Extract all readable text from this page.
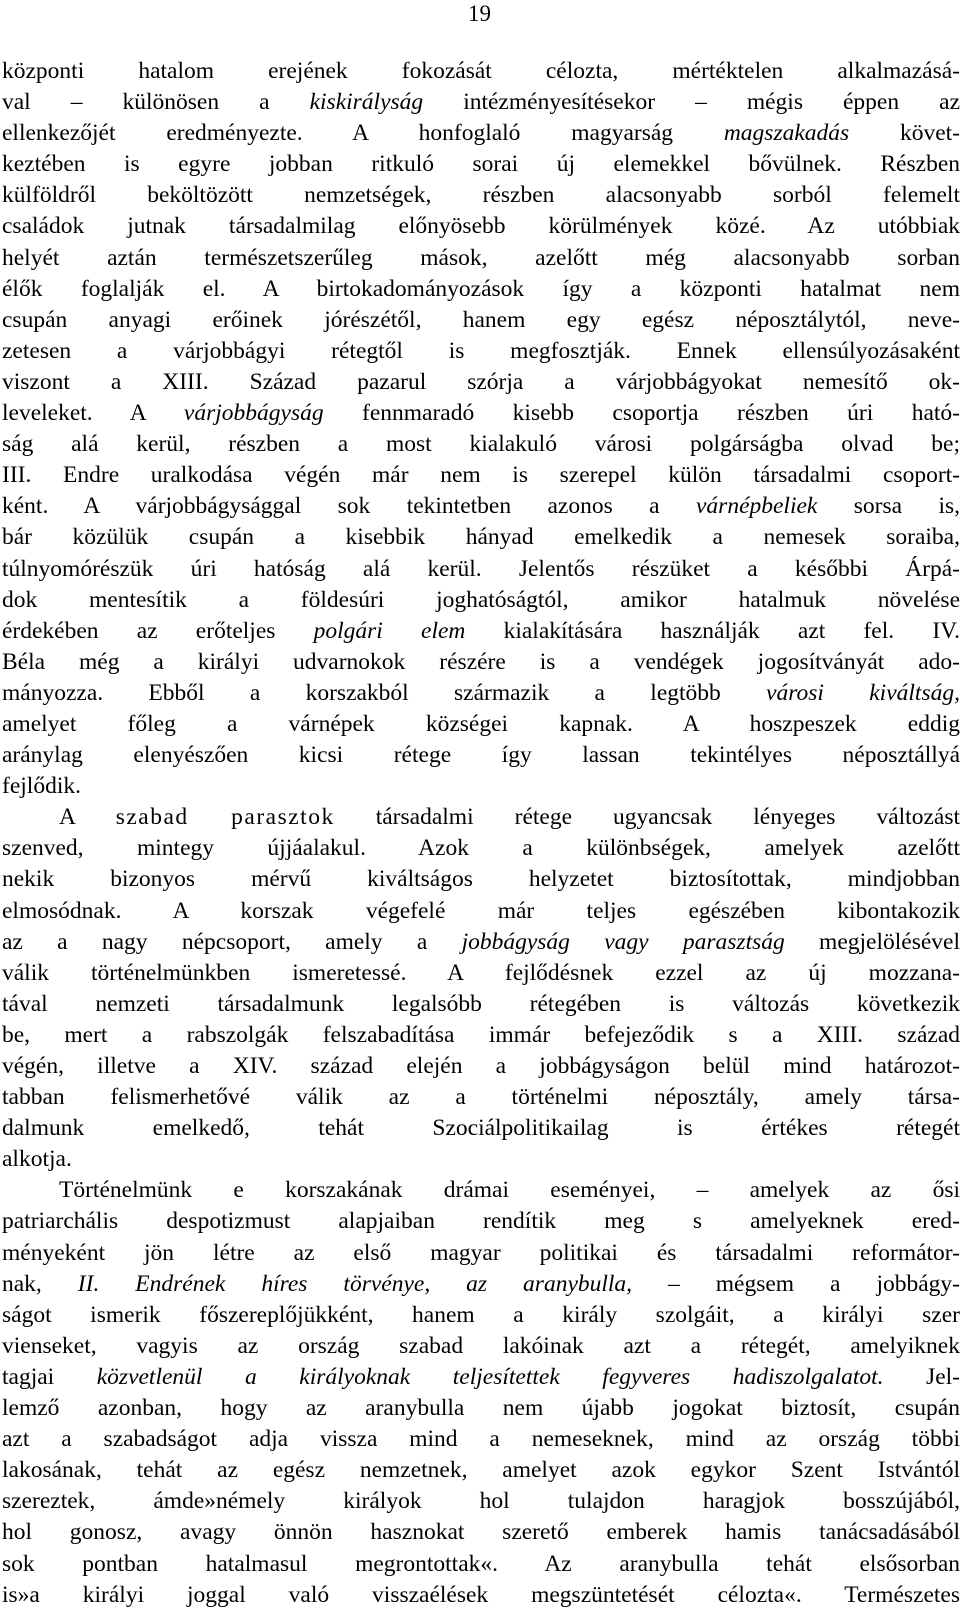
19
központi hatalom erejének fokozását célozta, mértéktelen alkalmazásá-
val – különösen a kiskirályság intézményesítésekor – mégis éppen az
ellenkezőjét eredményezte. A honfoglaló magyarság magszakadás követ-
keztében is egyre jobban ritkuló sorai új elemekkel bővülnek. Részben
külföldről beköltözött nemzetségek, részben alacsonyabb sorból felemelt
családok jutnak társadalmilag előnyösebb körülmények közé. Az utóbbiak
helyét aztán természetszerűleg mások, azelőtt még alacsonyabb sorban
élők foglalják el. A birtokadományozások így a központi hatalmat nem
csupán anyagi erőinek jórészétől, hanem egy egész néposztálytól, neve-
zetesen a várjobbágyi rétegtől is megfosztják. Ennek ellensúlyozásaként
viszont a XIII. Század pazarul szórja a várjobbágyokat nemesítő ok-
leveleket. A várjobbágyság fennmaradó kisebb csoportja részben úri ható-
ság alá kerül, részben a most kialakuló városi polgárságba olvad be;
III. Endre uralkodása végén már nem is szerepel külön társadalmi csoport-
ként. A várjobbágysággal sok tekintetben azonos a várnépbeliek sorsa is,
bár közülük csupán a kisebbik hányad emelkedik a nemesek soraiba,
túlnyomórészük úri hatóság alá kerül. Jelentős részüket a későbbi Árpá-
dok mentesítik a földesúri joghatóságtól, amikor hatalmuk növelése
érdekében az erőteljes polgári elem kialakítására használják azt fel. IV.
Béla még a királyi udvarnokok részére is a vendégek jogosítványát ado-
mányozza. Ebből a korszakból származik a legtöbb városi kiváltság,
amelyet főleg a várnépek községei kapnak. A hoszpeszek eddig
aránylag elenyészően kicsi rétege így lassan tekintélyes néposztállyá
fejlődik.
A szabad parasztok társadalmi rétege ugyancsak lényeges változást
szenved, mintegy újjáalakul. Azok a különbségek, amelyek azelőtt
nekik bizonyos mérvű kiváltságos helyzetet biztosítottak, mindjobban
elmosódnak. A korszak végefelé már teljes egészében kibontakozik
az a nagy népcsoport, amely a jobbágyság vagy parasztság megjelölésével
válik történelmünkben ismeretessé. A fejlődésnek ezzel az új mozzana-
tával nemzeti társadalmunk legalsóbb rétegében is változás következik
be, mert a rabszolgák felszabadítása immár befejeződik s a XIII. század
végén, illetve a XIV. század elején a jobbágyságon belül mind határozot-
tabban felismerhetővé válik az a történelmi néposztály, amely társa-
dalmunk emelkedő, tehát Szociálpolitikailag is értékes rétegét
alkotja.
Történelmünk e korszakának drámai eseményei, – amelyek az ősi
patriarchális despotizmust alapjaiban rendítik meg s amelyeknek ered-
ményeként jön létre az első magyar politikai és társadalmi reformátor-
nak, II. Endrének híres törvénye, az aranybulla, – mégsem a jobbágy-
ságot ismerik főszereplőjükként, hanem a király szolgáit, a királyi szer
vienseket, vagyis az ország szabad lakóinak azt a rétegét, amelyiknek
tagjai közvetlenül a királyoknak teljesítettek fegyveres hadiszolgalatot. Jel-
lemző azonban, hogy az aranybulla nem újabb jogokat biztosít, csupán
azt a szabadságot adja vissza mind a nemeseknek, mind az ország többi
lakosának, tehát az egész nemzetnek, amelyet azok egykor Szent Istvántól
szereztek, ámde»némely királyok hol tulajdon haragjok bosszújából,
hol gonosz, avagy önnön hasznokat szerető emberek hamis tanácsadásából
sok pontban hatalmasul megrontottak«. Az aranybulla tehát elsősorban
is»a királyi joggal való visszaélések megszüntetését célozta«. Természetes
